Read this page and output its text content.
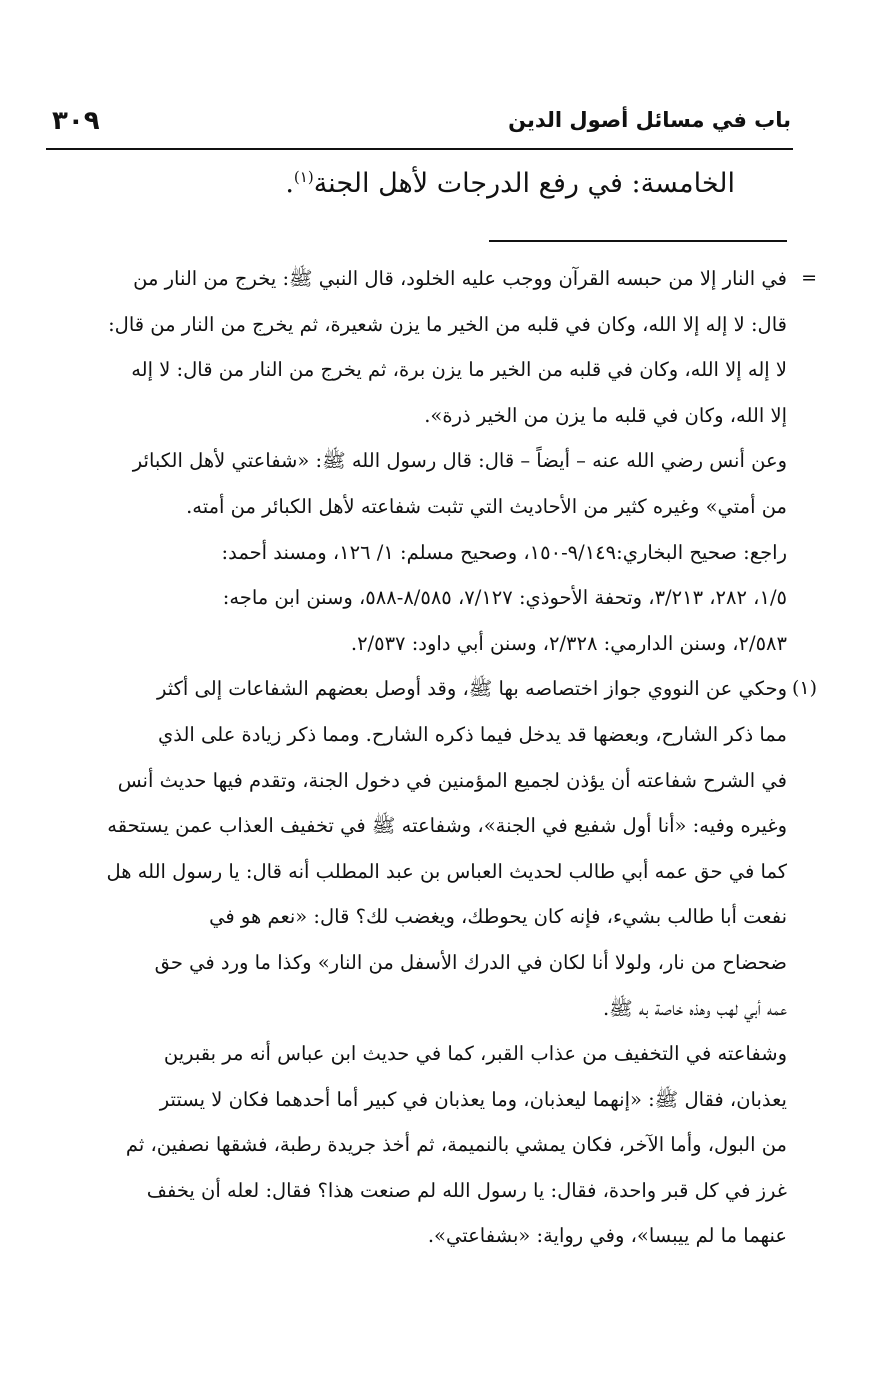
٣٠٩	باب في مسائل أصول الدين
الخامسة: في رفع الدرجات لأهل الجنة$^{(١)}$.
=
في النار إلا من حبسه القرآن ووجب عليه الخلود، قال النبي ﷺ: يخرج من النار من
قال: لا إله إلا الله، وكان في قلبه من الخير ما يزن شعيرة، ثم يخرج من النار من قال:
لا إله إلا الله، وكان في قلبه من الخير ما يزن برة، ثم يخرج من النار من قال: لا إله
إلا الله، وكان في قلبه ما يزن من الخير ذرة».
وعن أنس رضي الله عنه – أيضاً – قال: قال رسول الله ﷺ: «شفاعتي لأهل الكبائر
من أمتي» وغيره كثير من الأحاديث التي تثبت شفاعته لأهل الكبائر من أمته.
راجع: صحيح البخاري:٩/١٤٩-١٥٠، وصحيح مسلم: ١/ ١٢٦، ومسند أحمد:
١/٥، ٢٨٢، ٣/٢١٣، وتحفة الأحوذي: ٧/١٢٧، ٨/٥٨٥-٥٨٨، وسنن ابن ماجه:
٢/٥٨٣، وسنن الدارمي: ٢/٣٢٨، وسنن أبي داود: ٢/٥٣٧.
(١)
وحكي عن النووي جواز اختصاصه بها ﷺ، وقد أوصل بعضهم الشفاعات إلى أكثر
مما ذكر الشارح، وبعضها قد يدخل فيما ذكره الشارح. ومما ذكر زيادة على الذي
في الشرح شفاعته أن يؤذن لجميع المؤمنين في دخول الجنة، وتقدم فيها حديث أنس
وغيره وفيه: «أنا أول شفيع في الجنة»، وشفاعته ﷺ في تخفيف العذاب عمن يستحقه
كما في حق عمه أبي طالب لحديث العباس بن عبد المطلب أنه قال: يا رسول الله هل
نفعت أبا طالب بشيء، فإنه كان يحوطك، ويغضب لك؟ قال: «نعم هو في
ضحضاح من نار، ولولا أنا لكان في الدرك الأسفل من النار» وكذا ما ورد في حق
عمه أبي لهب وهذه خاصة به ﷺ.
وشفاعته في التخفيف من عذاب القبر، كما في حديث ابن عباس أنه مر بقبرين
يعذبان، فقال ﷺ: «إنهما ليعذبان، وما يعذبان في كبير أما أحدهما فكان لا يستتر
من البول، وأما الآخر، فكان يمشي بالنميمة، ثم أخذ جريدة رطبة، فشقها نصفين، ثم
غرز في كل قبر واحدة، فقال: يا رسول الله لم صنعت هذا؟ فقال: لعله أن يخفف
عنهما ما لم ييبسا»، وفي رواية: «بشفاعتي».
